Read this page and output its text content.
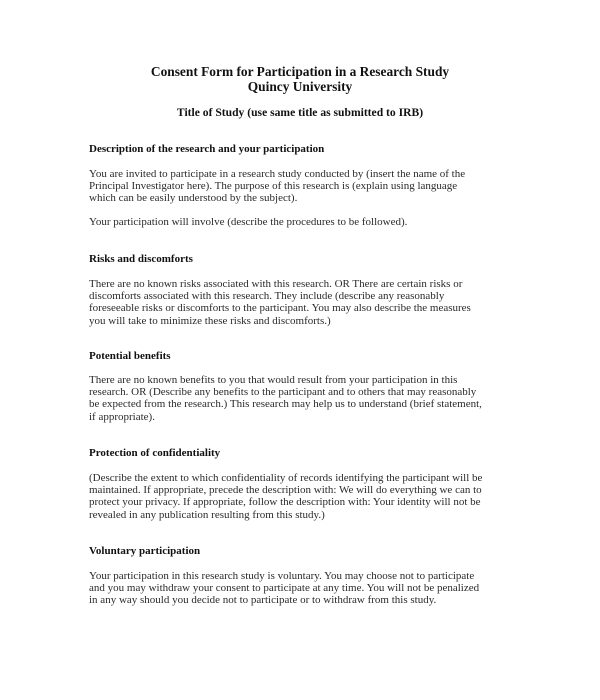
Consent Form for Participation in a Research Study
Quincy University
Title of Study (use same title as submitted to IRB)
Description of the research and your participation
You are invited to participate in a research study conducted by (insert the name of the
Principal Investigator here). The purpose of this research is (explain using language
which can be easily understood by the subject).
Your participation will involve (describe the procedures to be followed).
Risks and discomforts
There are no known risks associated with this research. OR There are certain risks or
discomforts associated with this research. They include (describe any reasonably
foreseeable risks or discomforts to the participant. You may also describe the measures
you will take to minimize these risks and discomforts.)
Potential benefits
There are no known benefits to you that would result from your participation in this
research. OR (Describe any benefits to the participant and to others that may reasonably
be expected from the research.) This research may help us to understand (brief statement,
if appropriate).
Protection of confidentiality
(Describe the extent to which confidentiality of records identifying the participant will be
maintained. If appropriate, precede the description with: We will do everything we can to
protect your privacy. If appropriate, follow the description with: Your identity will not be
revealed in any publication resulting from this study.)
Voluntary participation
Your participation in this research study is voluntary. You may choose not to participate
and you may withdraw your consent to participate at any time. You will not be penalized
in any way should you decide not to participate or to withdraw from this study.
